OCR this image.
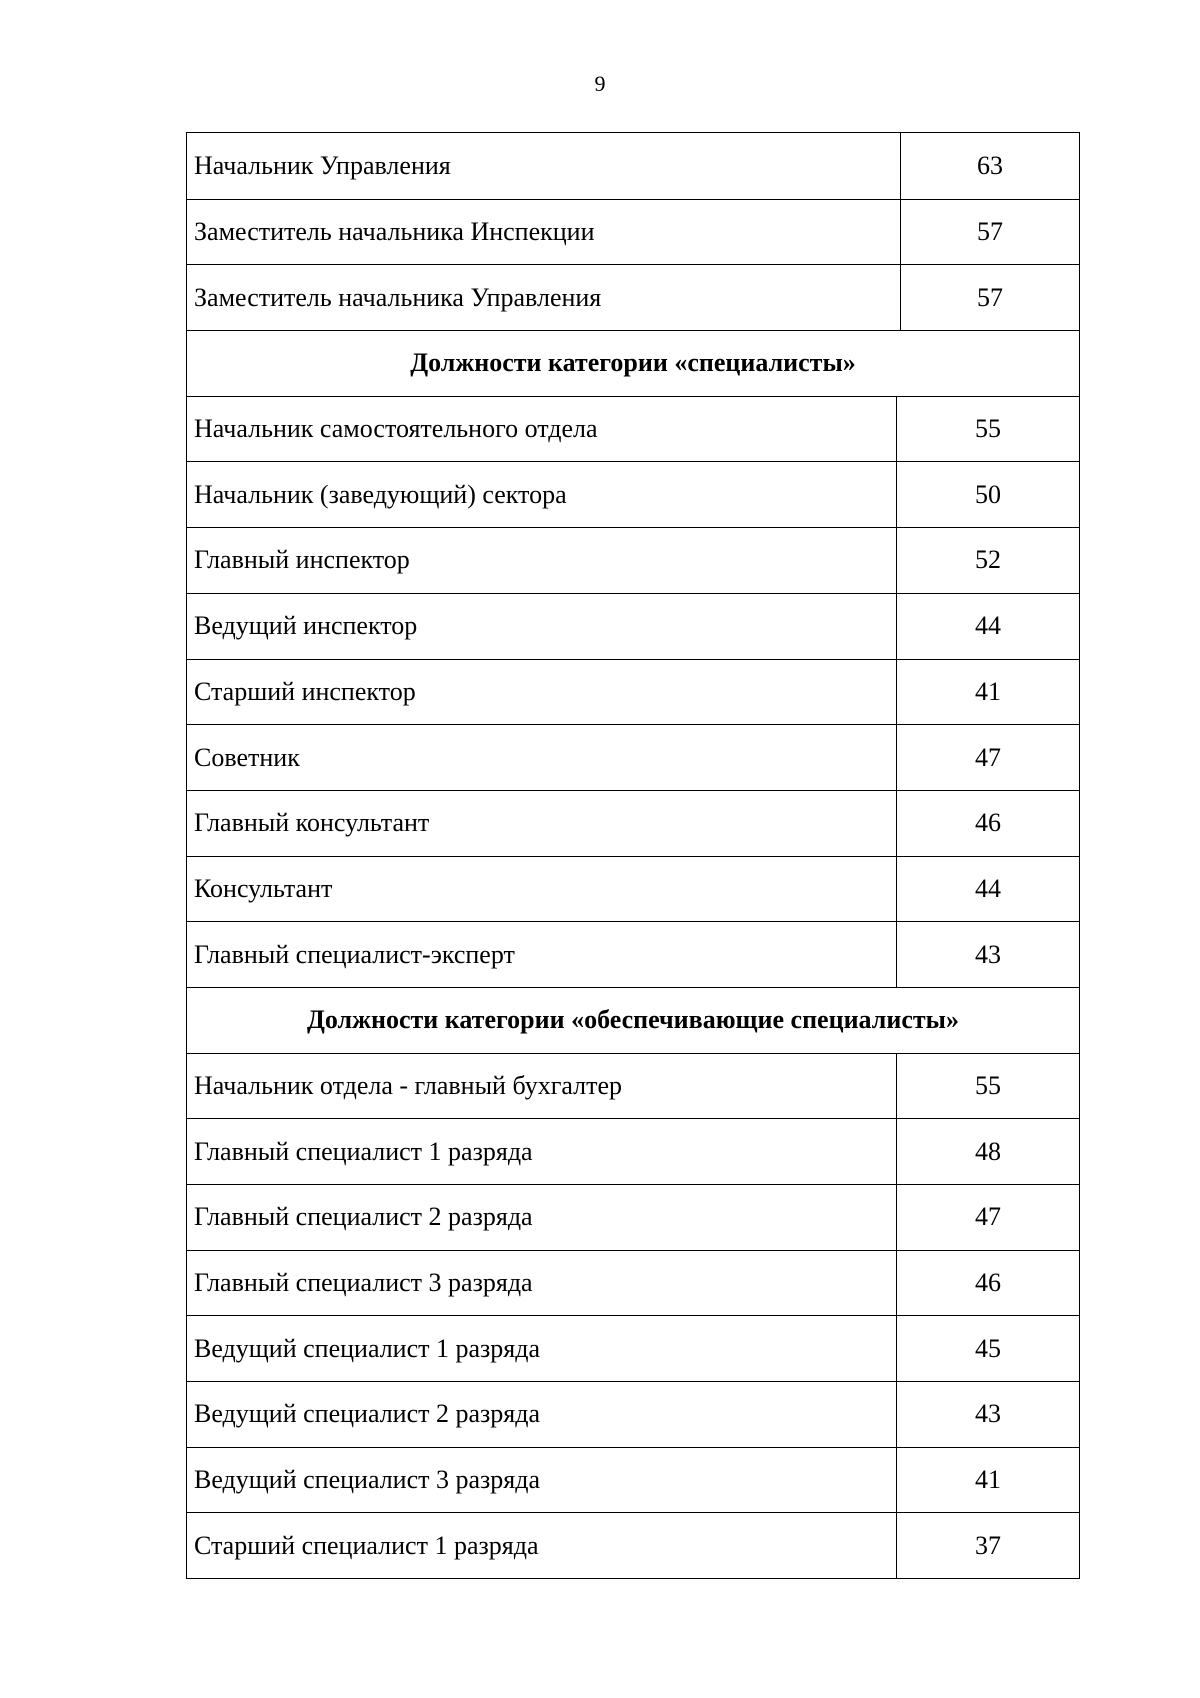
9
Начальник Управления	63
Заместитель начальника Инспекции	57
Заместитель начальника Управления	57
Должности категории «специалисты»
Начальник самостоятельного отдела	55
Начальник (заведующий) сектора	50
Главный инспектор	52
Ведущий инспектор	44
Старший инспектор	41
Советник	47
Главный консультант	46
Консультант	44
Главный специалист-эксперт	43
Должности категории «обеспечивающие специалисты»
Начальник отдела - главный бухгалтер	55
Главный специалист 1 разряда	48
Главный специалист 2 разряда	47
Главный специалист 3 разряда	46
Ведущий специалист 1 разряда	45
Ведущий специалист 2 разряда	43
Ведущий специалист 3 разряда	41
Старший специалист 1 разряда	37
